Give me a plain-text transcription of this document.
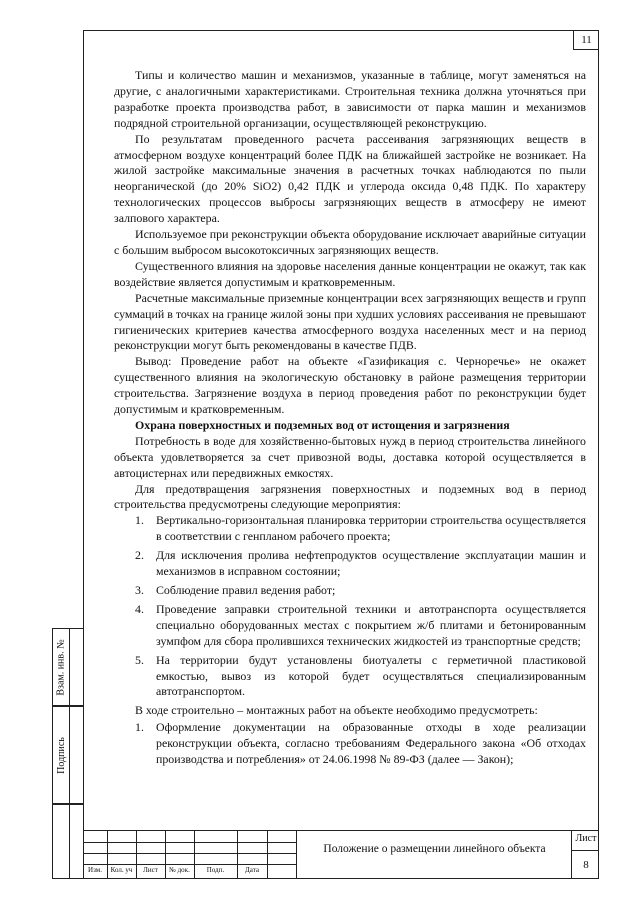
11

Типы и количество машин и механизмов, указанные в таблице, могут заменяться на другие, с аналогичными характеристиками. Строительная техника должна уточняться при разработке проекта производства работ, в зависимости от парка машин и механизмов подрядной строительной организации, осуществляющей реконструкцию.

По результатам проведенного расчета рассеивания загрязняющих веществ в атмосферном воздухе концентраций более ПДК на ближайшей застройке не возникает. На жилой застройке максимальные значения в расчетных точках наблюдаются по пыли неорганической (до 20% SiO2) 0,42 ПДК и углерода оксида 0,48 ПДК. По характеру технологических процессов выбросы загрязняющих веществ в атмосферу не имеют залпового характера.

Используемое при реконструкции объекта оборудование исключает аварийные ситуации с большим выбросом высокотоксичных загрязняющих веществ.

Существенного влияния на здоровье населения данные концентрации не окажут, так как воздействие является допустимым и кратковременным.

Расчетные максимальные приземные концентрации всех загрязняющих веществ и групп суммаций в точках на границе жилой зоны при худших условиях рассеивания не превышают гигиенических критериев качества атмосферного воздуха населенных мест и на период реконструкции могут быть рекомендованы в качестве ПДВ.

Вывод: Проведение работ на объекте «Газификация с. Черноречье» не окажет существенного влияния на экологическую обстановку в районе размещения территории строительства. Загрязнение воздуха в период проведения работ по реконструкции будет допустимым и кратковременным.

Охрана поверхностных и подземных вод от истощения и загрязнения

Потребность в воде для хозяйственно-бытовых нужд в период строительства линейного объекта удовлетворяется за счет привозной воды, доставка которой осуществляется в автоцистернах или передвижных емкостях.

Для предотвращения загрязнения поверхностных и подземных вод в период строительства предусмотрены следующие мероприятия:

1. Вертикально-горизонтальная планировка территории строительства осуществляется в соответствии с генпланом рабочего проекта;
2. Для исключения пролива нефтепродуктов осуществление эксплуатации машин и механизмов в исправном состоянии;
3. Соблюдение правил ведения работ;
4. Проведение заправки строительной техники и автотранспорта осуществляется специально оборудованных местах с покрытием ж/б плитами и бетонированным зумпфом для сбора пролившихся технических жидкостей из транспортные средств;
5. На территории будут установлены биотуалеты с герметичной пластиковой емкостью, вывоз из которой будет осуществляться специализированным автотранспортом.

В ходе строительно – монтажных работ на объекте необходимо предусмотреть:

1. Оформление документации на образованные отходы в ходе реализации реконструкции объекта, согласно требованиям Федерального закона «Об отходах производства и потребления» от 24.06.1998 № 89-ФЗ (далее — Закон);
Взам. инв. №
Подпись
Изм.	Кол. уч	Лист	№ док.	Подп.	Дата
Положение о размещении линейного объекта
Лист
8
